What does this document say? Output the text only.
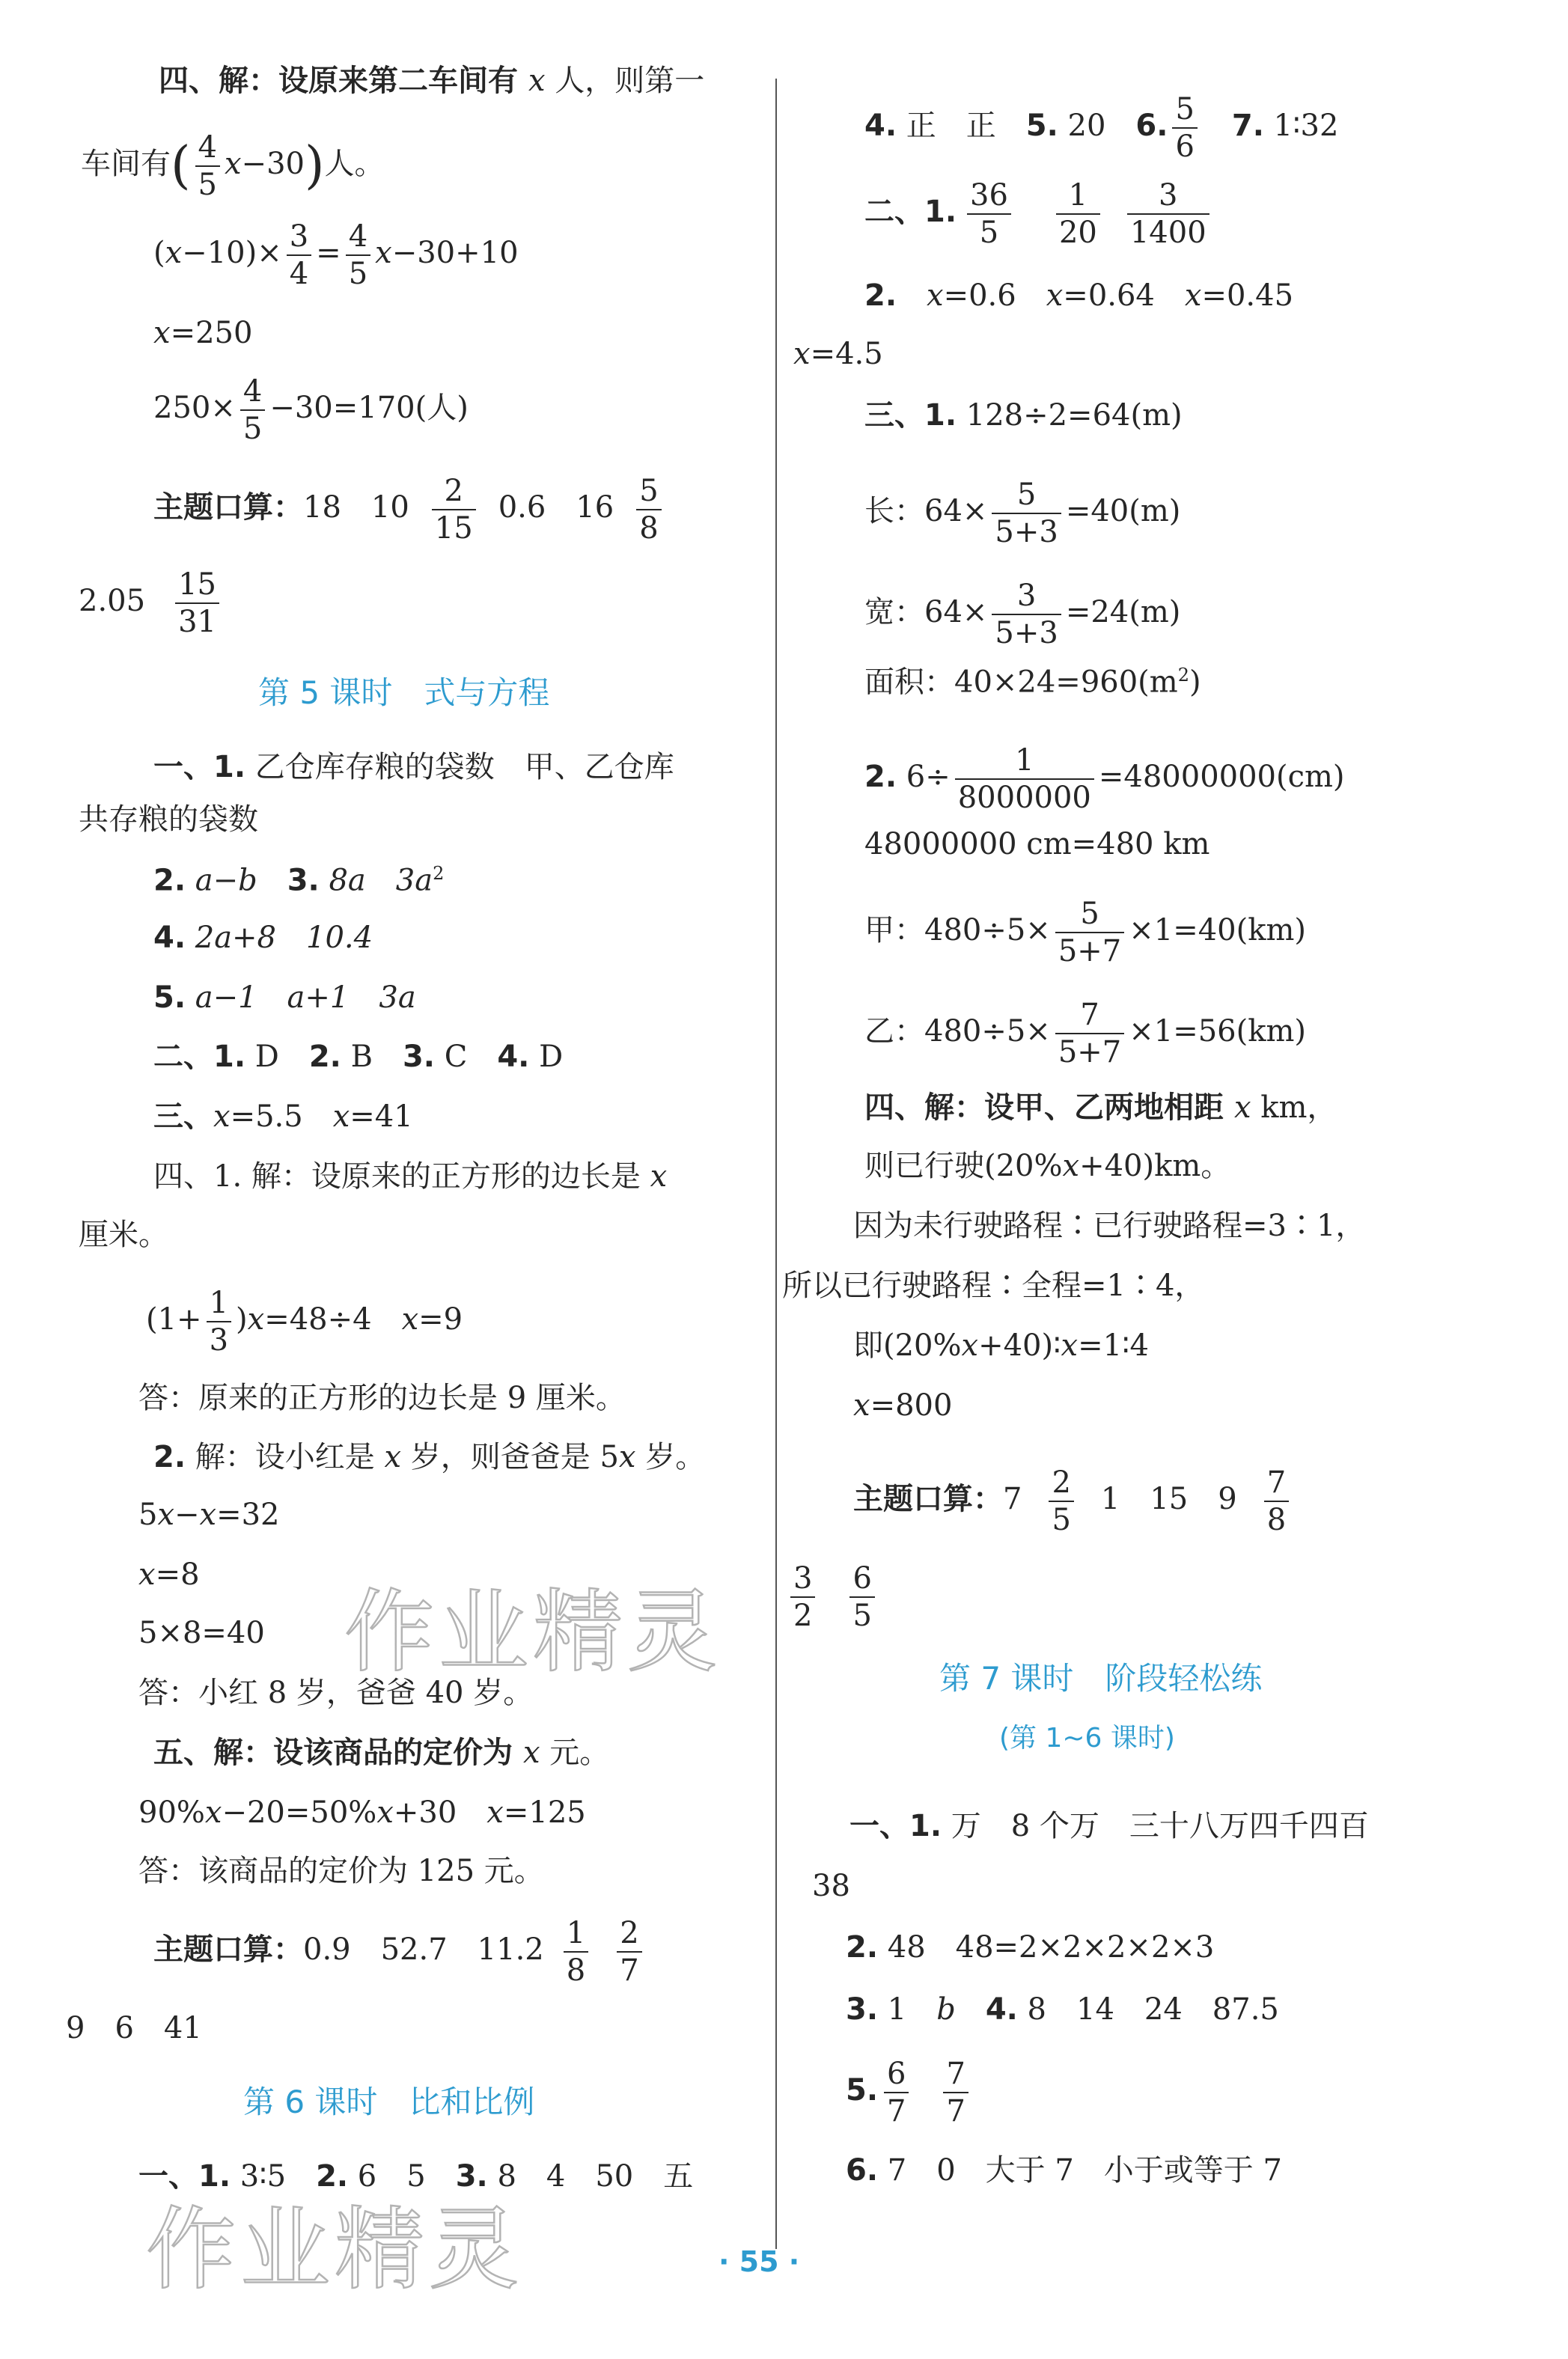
四、解：设原来第二车间有 x 人，则第一
车间有( $\frac{4}{5} x-30$)人。
$(x-10)\times \frac{3}{4} = \frac{4}{5} x-30+10$
x=250
$250\times \frac{4}{5} -30=170$(人)
主题口算：18　$10 \frac{2}{15} 0.6$　$16 \frac{5}{8}$
$2.05 \frac{15}{31}$
第 5 课时　式与方程
一、1. 乙仓库存粮的袋数　甲、乙仓库
共存粮的袋数
2. a−b　3. 8a　$3a^2$
4. 2a+8　10.4
5. a−1　a+1　3a
二、1. D　2. B　3. C　4. D
三、x=5.5　x=41
四、1. 解：设原来的正方形的边长是 x
厘米。
$(1+ \frac{1}{3} )x=48\div 4$　x=9
答：原来的正方形的边长是 9 厘米。
2. 解：设小红是 x 岁，则爸爸是 5x 岁。
5x−x=32
x=8
5×8=40
答：小红 8 岁，爸爸 40 岁。
五、解：设该商品的定价为 x 元。
90%x−20=50%x+30　x=125
答：该商品的定价为 125 元。
主题口算：0.9　52.7　$11.2 \frac{1}{8} \frac{2}{7}$
9　6　41
第 6 课时　比和比例
一、1. 3∶5　2. 6　5　3. 8　4　50　五
4. 正　正　5. 20　6. $\frac{5}{6}$
　 7. 1∶32
二、1. $\frac{36}{5} \frac{1}{20} \frac{3}{1400}$
2.　 x=0.6　x=0.64　x=0.45
x=4.5
三、1. 128÷2=64(m)
长：$64\times \frac{5}{5+3} =40(m)$
宽：$64\times \frac{3}{5+3} =24(m)$
面积：$40\times 24=960(m^2)$
2. $6\div \frac{1}{8000000} =48000000(cm)$
48000000 cm=480 km
甲：$480\div 5\times \frac{5}{5+7} \times 1=40(km)$
乙：$480\div 5\times \frac{7}{5+7} \times 1=56(km)$
四、解：设甲、乙两地相距 x km，
则已行驶(20%x+40)km。
因为未行驶路程∶已行驶路程=3∶1，
所以已行驶路程∶全程=1∶4，
即(20%x+40)∶x=1∶4
x=800
主题口算：$7 \frac{2}{5} 1$　15　$9 \frac{7}{8}$
$\frac{3}{2} \frac{6}{5}$
第 7 课时　阶段轻松练
(第 1~6 课时)
一、1. 万　8 个万　三十八万四千四百
38
2. 48　48=2×2×2×2×3
3. 1　b　 4. 8　14　24　87.5
5. $\frac{6}{7} \frac{7}{7}$
6. 7　0　大于 7　小于或等于 7
作业精灵
作业精灵	· 55 ·
